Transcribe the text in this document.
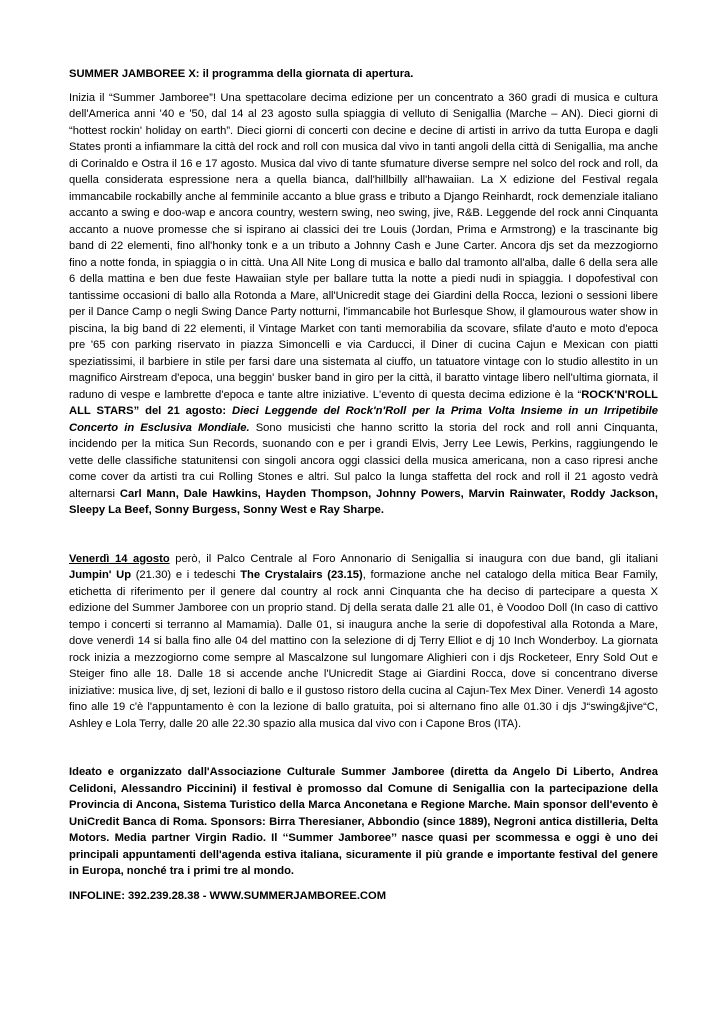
SUMMER JAMBOREE X: il programma della giornata di apertura.

Inizia il “Summer Jamboree”! Una spettacolare decima edizione per un concentrato a 360 gradi di musica e cultura dell'America anni '40 e '50, dal 14 al 23 agosto sulla spiaggia di velluto di Senigallia (Marche – AN). Dieci giorni di “hottest rockin' holiday on earth”. Dieci giorni di concerti con decine e decine di artisti in arrivo da tutta Europa e dagli States pronti a infiammare la città del rock and roll con musica dal vivo in tanti angoli della città di Senigallia, ma anche di Corinaldo e Ostra il 16 e 17 agosto. Musica dal vivo di tante sfumature diverse sempre nel solco del rock and roll, da quella considerata espressione nera a quella bianca, dall'hillbilly all'hawaiian. La X edizione del Festival regala immancabile rockabilly anche al femminile accanto a blue grass e tributo a Django Reinhardt, rock demenziale italiano accanto a swing e doo-wap e ancora country, western swing, neo swing, jive, R&B. Leggende del rock anni Cinquanta accanto a nuove promesse che si ispirano ai classici dei tre Louis (Jordan, Prima e Armstrong) e la trascinante big band di 22 elementi, fino all'honky tonk e a un tributo a Johnny Cash e June Carter. Ancora djs set da mezzogiorno fino a notte fonda, in spiaggia o in città. Una All Nite Long di musica e ballo dal tramonto all'alba, dalle 6 della sera alle 6 della mattina e ben due feste Hawaiian style per ballare tutta la notte a piedi nudi in spiaggia. I dopofestival con tantissime occasioni di ballo alla Rotonda a Mare, all'Unicredit stage dei Giardini della Rocca, lezioni o sessioni libere per il Dance Camp o negli Swing Dance Party notturni, l'immancabile hot Burlesque Show, il glamourous water show in piscina, la big band di 22 elementi, il Vintage Market con tanti memorabilia da scovare, sfilate d'auto e moto d'epoca pre '65 con parking riservato in piazza Simoncelli e via Carducci, il Diner di cucina Cajun e Mexican con piatti speziatissimi, il barbiere in stile per farsi dare una sistemata al ciuffo, un tatuatore vintage con lo studio allestito in un magnifico Airstream d'epoca, una beggin' busker band in giro per la città, il baratto vintage libero nell'ultima giornata, il raduno di vespe e lambrette d'epoca e tante altre iniziative. L'evento di questa decima edizione è la “ROCK'N'ROLL ALL STARS” del 21 agosto: Dieci Leggende del Rock'n'Roll per la Prima Volta Insieme in un Irripetibile Concerto in Esclusiva Mondiale. Sono musicisti che hanno scritto la storia del rock and roll anni Cinquanta, incidendo per la mitica Sun Records, suonando con e per i grandi Elvis, Jerry Lee Lewis, Perkins, raggiungendo le vette delle classifiche statunitensi con singoli ancora oggi classici della musica americana, non a caso ripresi anche come cover da artisti tra cui Rolling Stones e altri. Sul palco la lunga staffetta del rock and roll il 21 agosto vedrà alternarsi Carl Mann, Dale Hawkins, Hayden Thompson, Johnny Powers, Marvin Rainwater, Roddy Jackson, Sleepy La Beef, Sonny Burgess, Sonny West e Ray Sharpe.

Venerdì 14 agosto però, il Palco Centrale al Foro Annonario di Senigallia si inaugura con due band, gli italiani Jumpin' Up (21.30) e i tedeschi The Crystalairs (23.15), formazione anche nel catalogo della mitica Bear Family, etichetta di riferimento per il genere dal country al rock anni Cinquanta che ha deciso di partecipare a questa X edizione del Summer Jamboree con un proprio stand. Dj della serata dalle 21 alle 01, è Voodoo Doll (In caso di cattivo tempo i concerti si terranno al Mamamia). Dalle 01, si inaugura anche la serie di dopofestival alla Rotonda a Mare, dove venerdì 14 si balla fino alle 04 del mattino con la selezione di dj Terry Elliot e dj 10 Inch Wonderboy. La giornata rock inizia a mezzogiorno come sempre al Mascalzone sul lungomare Alighieri con i djs Rocketeer, Enry Sold Out e Steiger fino alle 18. Dalle 18 si accende anche l'Unicredit Stage ai Giardini Rocca, dove si concentrano diverse iniziative: musica live, dj set, lezioni di ballo e il gustoso ristoro della cucina al Cajun-Tex Mex Diner. Venerdì 14 agosto fino alle 19 c'è l'appuntamento è con la lezione di ballo gratuita, poi si alternano fino alle 01.30 i djs J“swing&jive“C, Ashley e Lola Terry, dalle 20 alle 22.30 spazio alla musica dal vivo con i Capone Bros (ITA).

Ideato e organizzato dall'Associazione Culturale Summer Jamboree (diretta da Angelo Di Liberto, Andrea Celidoni, Alessandro Piccinini) il festival è promosso dal Comune di Senigallia con la partecipazione della Provincia di Ancona, Sistema Turistico della Marca Anconetana e Regione Marche. Main sponsor dell'evento è UniCredit Banca di Roma. Sponsors: Birra Theresianer, Abbondio (since 1889), Negroni antica distilleria, Delta Motors. Media partner Virgin Radio. Il ‘‘Summer Jamboree’’ nasce quasi per scommessa e oggi è uno dei principali appuntamenti dell'agenda estiva italiana, sicuramente il più grande e importante festival del genere in Europa, nonché tra i primi tre al mondo.

INFOLINE: 392.239.28.38 - WWW.SUMMERJAMBOREE.COM
